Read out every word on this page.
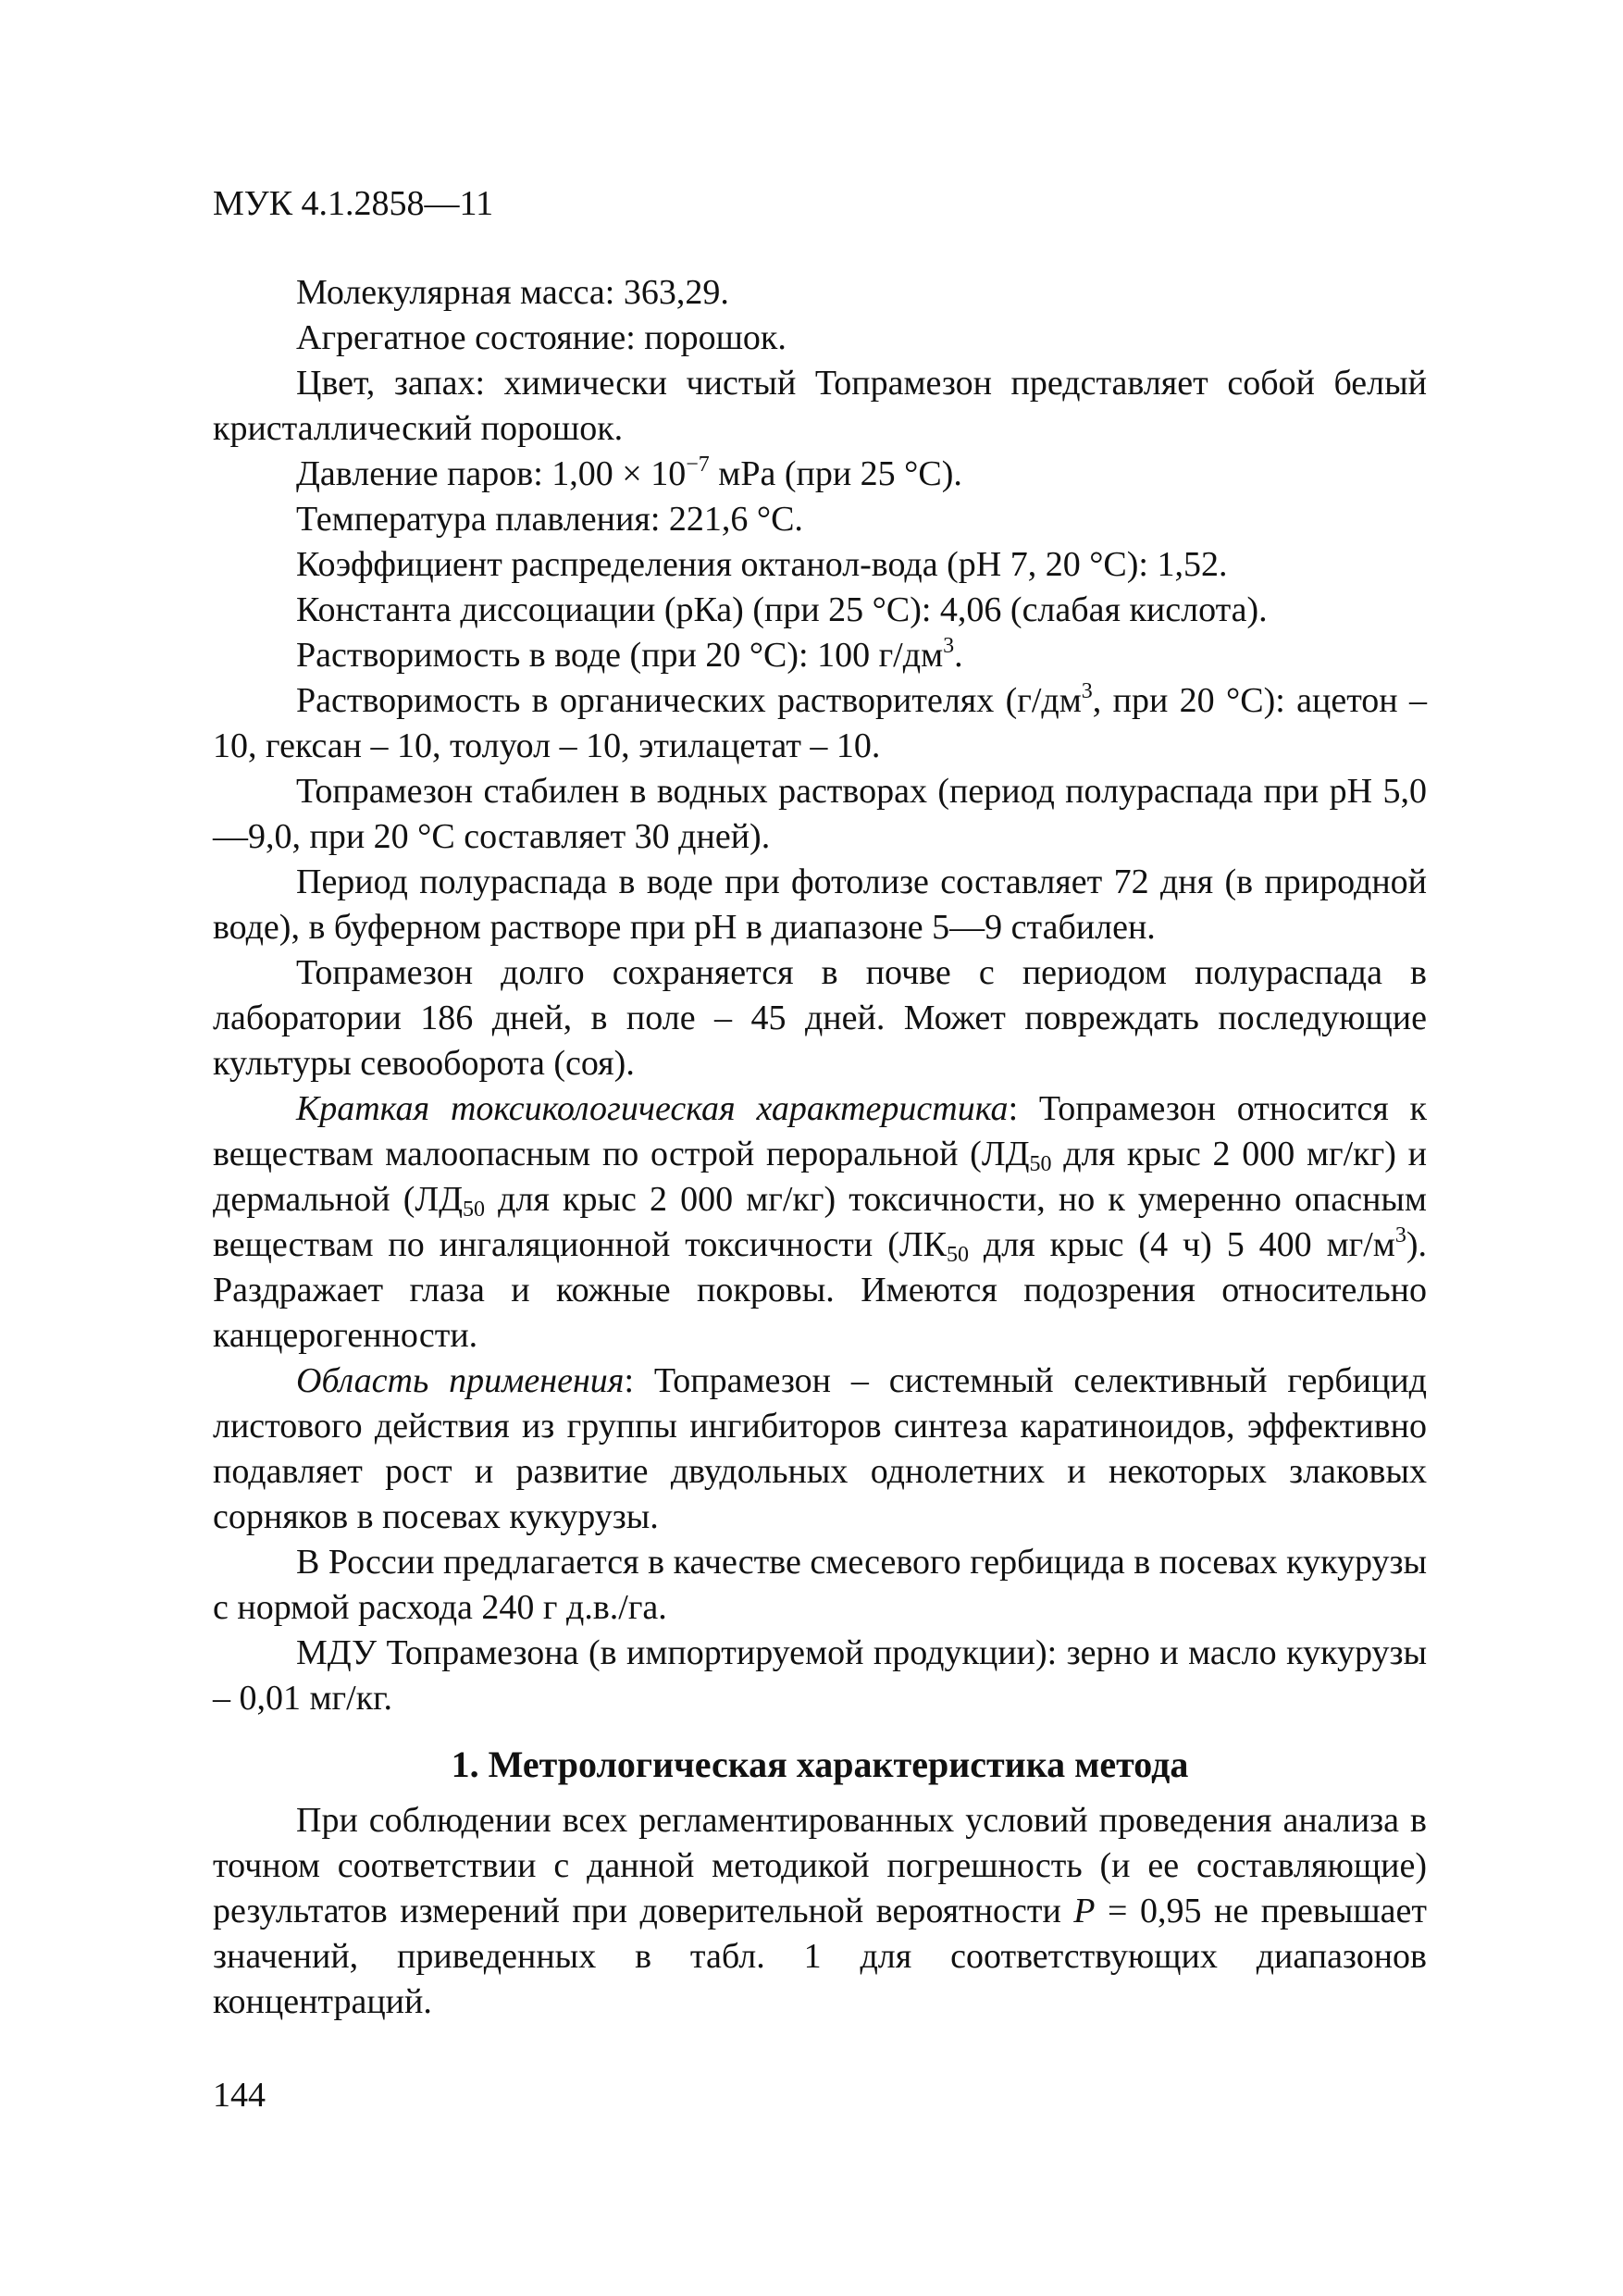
МУК 4.1.2858—11

Молекулярная масса: 363,29.

Агрегатное состояние: порошок.

Цвет, запах: химически чистый Топрамезон представляет собой белый кристаллический порошок.

Давление паров: $1,00 \times 10^{-7}$ мРа (при 25 °С).

Температура плавления: 221,6 °С.

Коэффициент распределения октанол-вода (рН 7, 20 °С): 1,52.

Константа диссоциации (рКа) (при 25 °С): 4,06 (слабая кислота).

Растворимость в воде (при 20 °С): 100 $г/дм^3$.

Растворимость в органических растворителях ($г/дм^3$, при 20 °С): ацетон – 10, гексан – 10, толуол – 10, этилацетат – 10.

Топрамезон стабилен в водных растворах (период полураспада при рН 5,0—9,0, при 20 °С составляет 30 дней).

Период полураспада в воде при фотолизе составляет 72 дня (в природной воде), в буферном растворе при рН в диапазоне 5—9 стабилен.

Топрамезон долго сохраняется в почве с периодом полураспада в лаборатории 186 дней, в поле – 45 дней. Может повреждать последующие культуры севооборота (соя).

Краткая токсикологическая характеристика: Топрамезон относится к веществам малоопасным по острой пероральной ($ЛД_{50}$ для крыс 2 000 мг/кг) и дермальной ($ЛД_{50}$ для крыс 2 000 мг/кг) токсичности, но к умеренно опасным веществам по ингаляционной токсичности ($ЛК_{50}$ для крыс (4 ч) 5 400 $мг/м^3$). Раздражает глаза и кожные покровы. Имеются подозрения относительно канцерогенности.

Область применения: Топрамезон – системный селективный гербицид листового действия из группы ингибиторов синтеза каратиноидов, эффективно подавляет рост и развитие двудольных однолетних и некоторых злаковых сорняков в посевах кукурузы.

В России предлагается в качестве смесевого гербицида в посевах кукурузы с нормой расхода 240 г д.в./га.

МДУ Топрамезона (в импортируемой продукции): зерно и масло кукурузы – 0,01 мг/кг.

1. Метрологическая характеристика метода

При соблюдении всех регламентированных условий проведения анализа в точном соответствии с данной методикой погрешность (и ее составляющие) результатов измерений при доверительной вероятности Р = 0,95 не превышает значений, приведенных в табл. 1 для соответствующих диапазонов концентраций.

144
